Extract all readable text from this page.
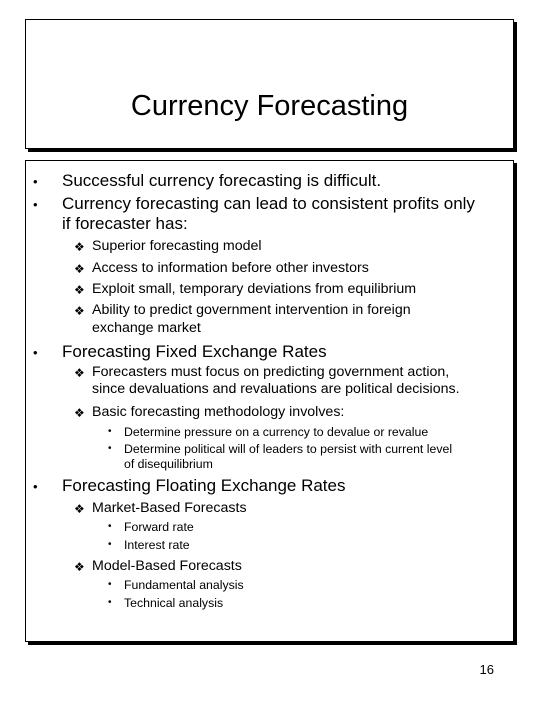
Currency Forecasting
• Successful currency forecasting is difficult.
• Currency forecasting can lead to consistent profits only
if forecaster has:
❖ Superior forecasting model
❖ Access to information before other investors
❖ Exploit small, temporary deviations from equilibrium
❖ Ability to predict government intervention in foreign
exchange market
• Forecasting Fixed Exchange Rates
❖ Forecasters must focus on predicting government action,
since devaluations and revaluations are political decisions.
❖ Basic forecasting methodology involves:
• Determine pressure on a currency to devalue or revalue
• Determine political will of leaders to persist with current level
of disequilibrium
• Forecasting Floating Exchange Rates
❖ Market-Based Forecasts
• Forward rate
• Interest rate
❖ Model-Based Forecasts
• Fundamental analysis
• Technical analysis
16
